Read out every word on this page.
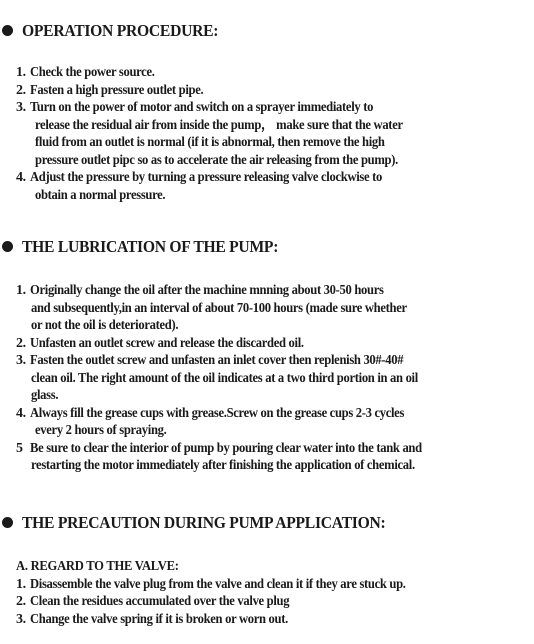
OPERATION PROCEDURE:
1. Check the power source.
2. Fasten a high pressure outlet pipe.
3. Turn on the power of motor and switch on a sprayer immediately to
release the residual air from inside the pump， make sure that the water
fluid from an outlet is normal (if it is abnormal, then remove the high
pressure outlet pipc so as to accelerate the air releasing from the pump).
4. Adjust the pressure by turning a pressure releasing valve clockwise to
obtain a normal pressure.
THE LUBRICATION OF THE PUMP:
1. Originally change the oil after the machine mnning about 30-50 hours
and subsequently,in an interval of about 70-100 hours (made sure whether
or not the oil is deteriorated).
2. Unfasten an outlet screw and release the discarded oil.
3. Fasten the outlet screw and unfasten an inlet cover then replenish 30#-40#
clean oil. The right amount of the oil indicates at a two third portion in an oil
glass.
4. Always fill the grease cups with grease.Screw on the grease cups 2-3 cycles
every 2 hours of spraying.
5 Be sure to clear the interior of pump by pouring clear water into the tank and
restarting the motor immediately after finishing the application of chemical.
THE PRECAUTION DURING PUMP APPLICATION:
A. REGARD TO THE VALVE:
1. Disassemble the valve plug from the valve and clean it if they are stuck up.
2. Clean the residues accumulated over the valve plug
3. Change the valve spring if it is broken or worn out.
